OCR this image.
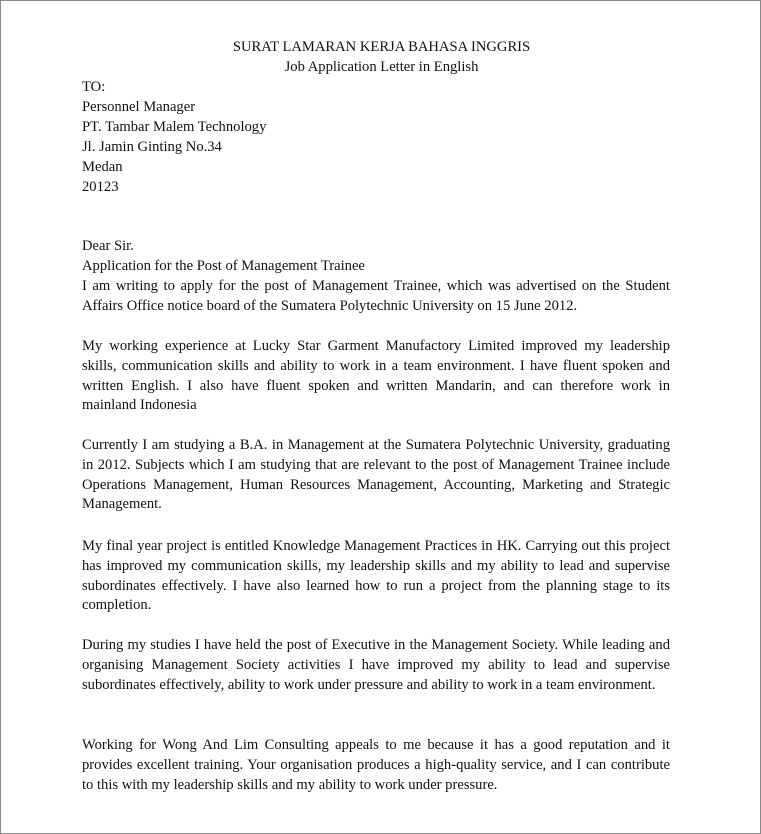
SURAT LAMARAN KERJA BAHASA INGGRIS
Job Application Letter in English
TO:
Personnel Manager
PT. Tambar Malem Technology
Jl. Jamin Ginting No.34
Medan
20123
Dear Sir.
Application for the Post of Management Trainee
I am writing to apply for the post of Management Trainee, which was advertised on the Student Affairs Office notice board of the Sumatera Polytechnic University on 15 June 2012.
My working experience at Lucky Star Garment Manufactory Limited improved my leadership skills, communication skills and ability to work in a team environment. I have fluent spoken and written English. I also have fluent spoken and written Mandarin, and can therefore work in mainland Indonesia
Currently I am studying a B.A. in Management at the Sumatera Polytechnic University, graduating in 2012. Subjects which I am studying that are relevant to the post of Management Trainee include Operations Management, Human Resources Management, Accounting, Marketing and Strategic Management.
My final year project is entitled Knowledge Management Practices in HK. Carrying out this project has improved my communication skills, my leadership skills and my ability to lead and supervise subordinates effectively. I have also learned how to run a project from the planning stage to its completion.
During my studies I have held the post of Executive in the Management Society. While leading and organising Management Society activities I have improved my ability to lead and supervise subordinates effectively, ability to work under pressure and ability to work in a team environment.
Working for Wong And Lim Consulting appeals to me because it has a good reputation and it provides excellent training. Your organisation produces a high-quality service, and I can contribute to this with my leadership skills and my ability to work under pressure.
